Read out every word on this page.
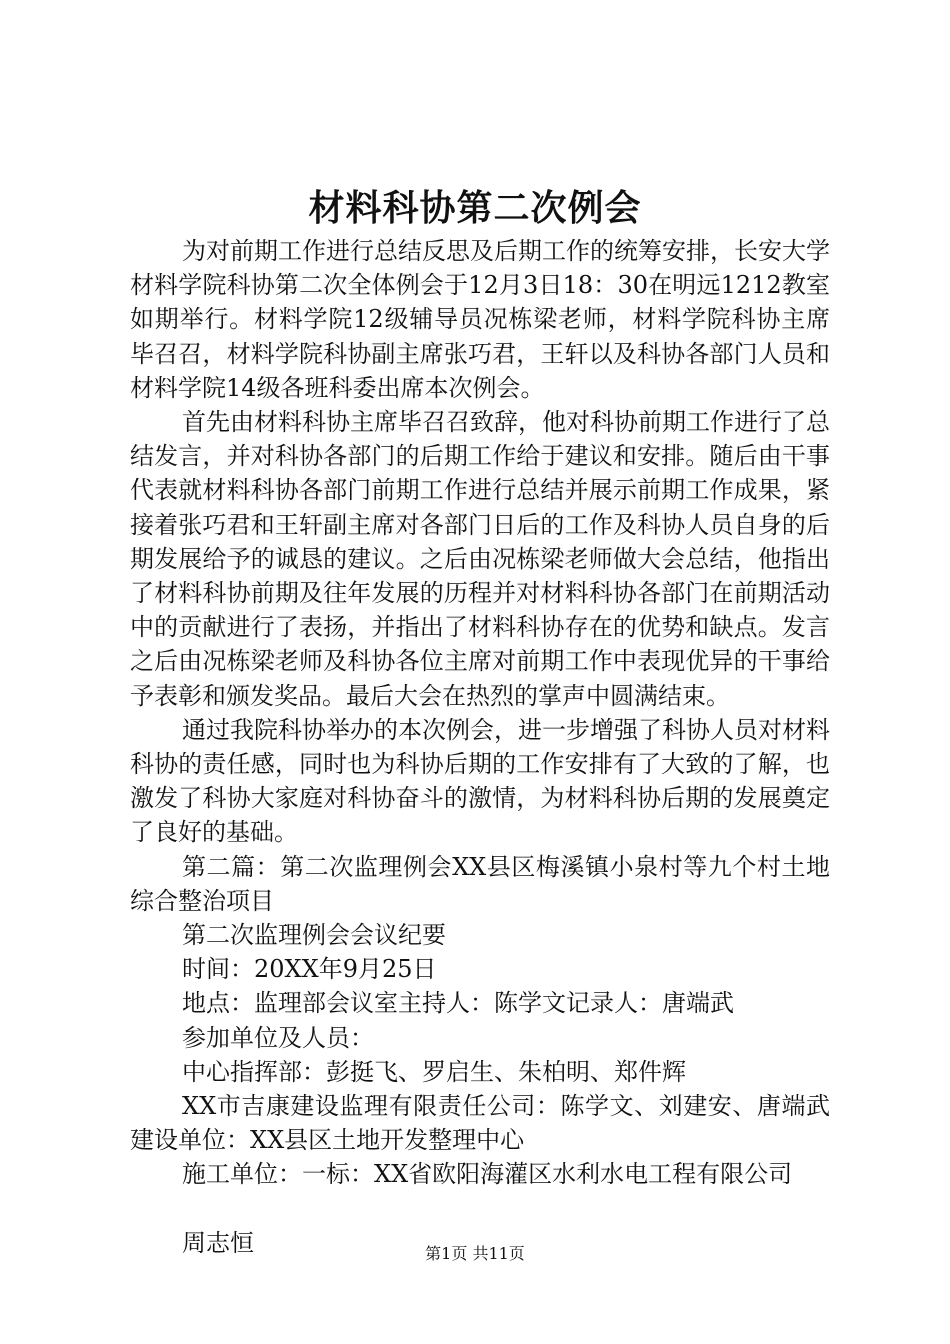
材料科协第二次例会

为对前期工作进行总结反思及后期工作的统筹安排，长安大学材料学院科协第二次全体例会于12月3日18：30在明远1212教室如期举行。材料学院12级辅导员况栋梁老师，材料学院科协主席毕召召，材料学院科协副主席张巧君，王轩以及科协各部门人员和材料学院14级各班科委出席本次例会。

首先由材料科协主席毕召召致辞，他对科协前期工作进行了总结发言，并对科协各部门的后期工作给于建议和安排。随后由干事代表就材料科协各部门前期工作进行总结并展示前期工作成果，紧接着张巧君和王轩副主席对各部门日后的工作及科协人员自身的后期发展给予的诚恳的建议。之后由况栋梁老师做大会总结，他指出了材料科协前期及往年发展的历程并对材料科协各部门在前期活动中的贡献进行了表扬，并指出了材料科协存在的优势和缺点。发言之后由况栋梁老师及科协各位主席对前期工作中表现优异的干事给予表彰和颁发奖品。最后大会在热烈的掌声中圆满结束。

通过我院科协举办的本次例会，进一步增强了科协人员对材料科协的责任感，同时也为科协后期的工作安排有了大致的了解，也激发了科协大家庭对科协奋斗的激情，为材料科协后期的发展奠定了良好的基础。

第二篇：第二次监理例会XX县区梅溪镇小泉村等九个村土地综合整治项目

第二次监理例会会议纪要

时间：20XX年9月25日

地点：监理部会议室主持人：陈学文记录人：唐端武

参加单位及人员：

中心指挥部：彭挺飞、罗启生、朱柏明、郑件辉

XX市吉康建设监理有限责任公司：陈学文、刘建安、唐端武建设单位：XX县区土地开发整理中心

施工单位：一标：XX省欧阳海灌区水利水电工程有限公司

周志恒	第1页 共11页
